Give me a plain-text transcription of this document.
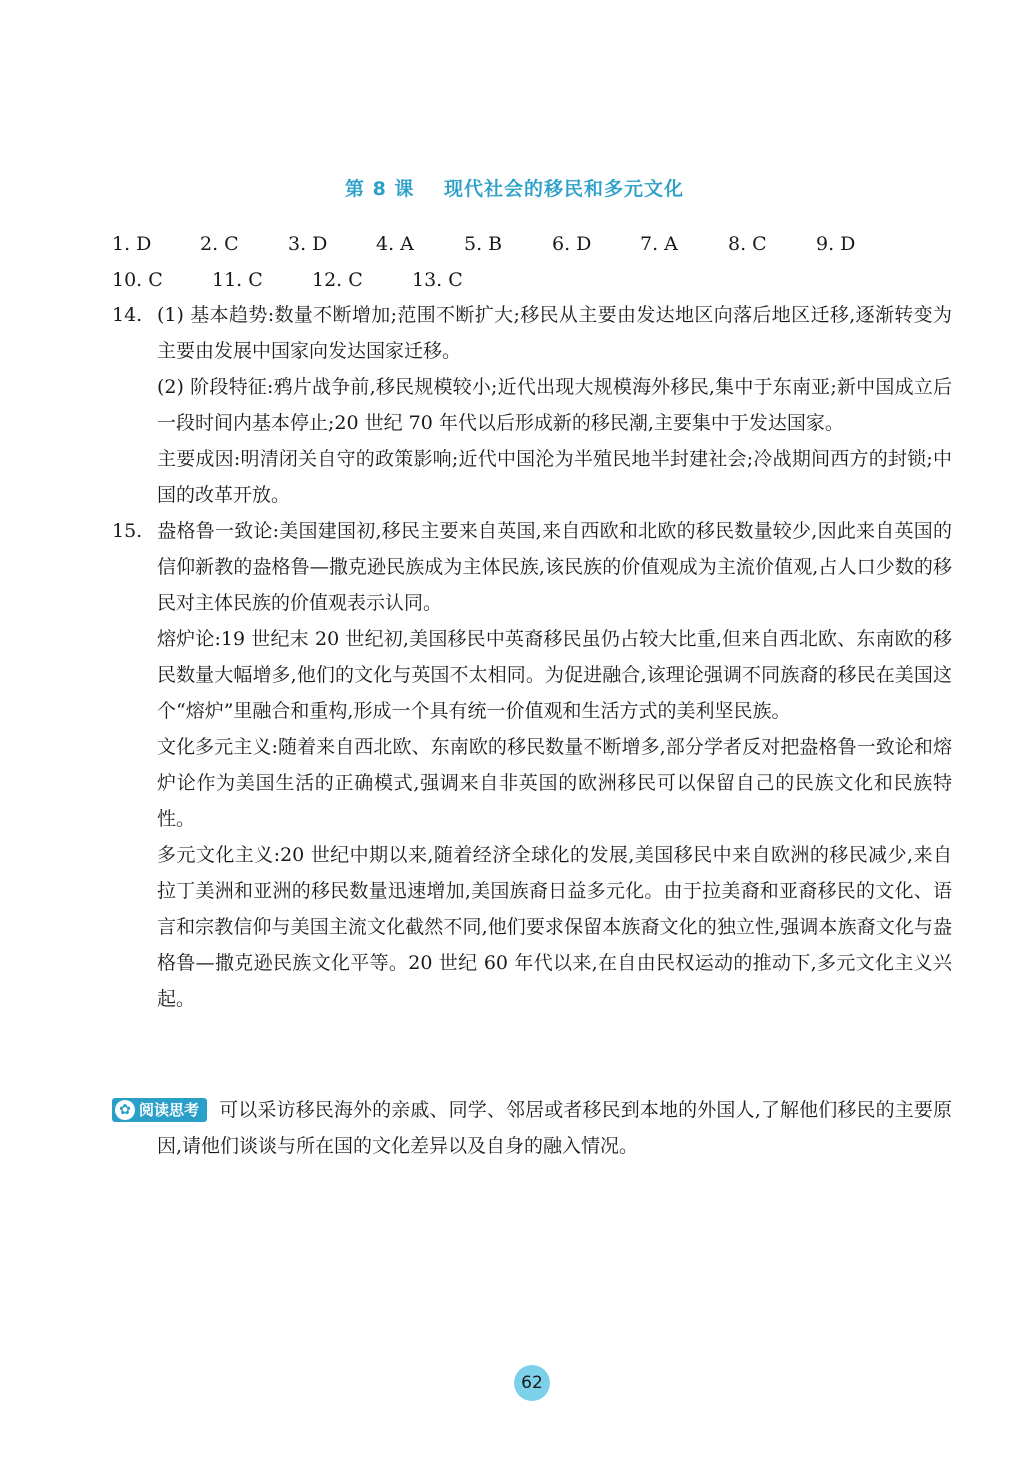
第 8 课 现代社会的移民和多元文化
1. D	2. C	3. D	4. A	5. B	6. D	7. A	8. C	9. D
10. C	11. C	12. C	13. C
14. (1) 基本趋势:数量不断增加;范围不断扩大;移民从主要由发达地区向落后地区迁移,逐渐转变为主要由发展中国家向发达国家迁移。
(2) 阶段特征:鸦片战争前,移民规模较小;近代出现大规模海外移民,集中于东南亚;新中国成立后一段时间内基本停止;20 世纪 70 年代以后形成新的移民潮,主要集中于发达国家。
主要成因:明清闭关自守的政策影响;近代中国沦为半殖民地半封建社会;冷战期间西方的封锁;中国的改革开放。
15. 盎格鲁一致论:美国建国初,移民主要来自英国,来自西欧和北欧的移民数量较少,因此来自英国的信仰新教的盎格鲁—撒克逊民族成为主体民族,该民族的价值观成为主流价值观,占人口少数的移民对主体民族的价值观表示认同。
熔炉论:19 世纪末 20 世纪初,美国移民中英裔移民虽仍占较大比重,但来自西北欧、东南欧的移民数量大幅增多,他们的文化与英国不太相同。为促进融合,该理论强调不同族裔的移民在美国这个“熔炉”里融合和重构,形成一个具有统一价值观和生活方式的美利坚民族。
文化多元主义:随着来自西北欧、东南欧的移民数量不断增多,部分学者反对把盎格鲁一致论和熔炉论作为美国生活的正确模式,强调来自非英国的欧洲移民可以保留自己的民族文化和民族特性。
多元文化主义:20 世纪中期以来,随着经济全球化的发展,美国移民中来自欧洲的移民减少,来自拉丁美洲和亚洲的移民数量迅速增加,美国族裔日益多元化。由于拉美裔和亚裔移民的文化、语言和宗教信仰与美国主流文化截然不同,他们要求保留本族裔文化的独立性,强调本族裔文化与盎格鲁—撒克逊民族文化平等。20 世纪 60 年代以来,在自由民权运动的推动下,多元文化主义兴起。
✿ 阅读思考 可以采访移民海外的亲戚、同学、邻居或者移民到本地的外国人,了解他们移民的主要原因,请他们谈谈与所在国的文化差异以及自身的融入情况。
62
